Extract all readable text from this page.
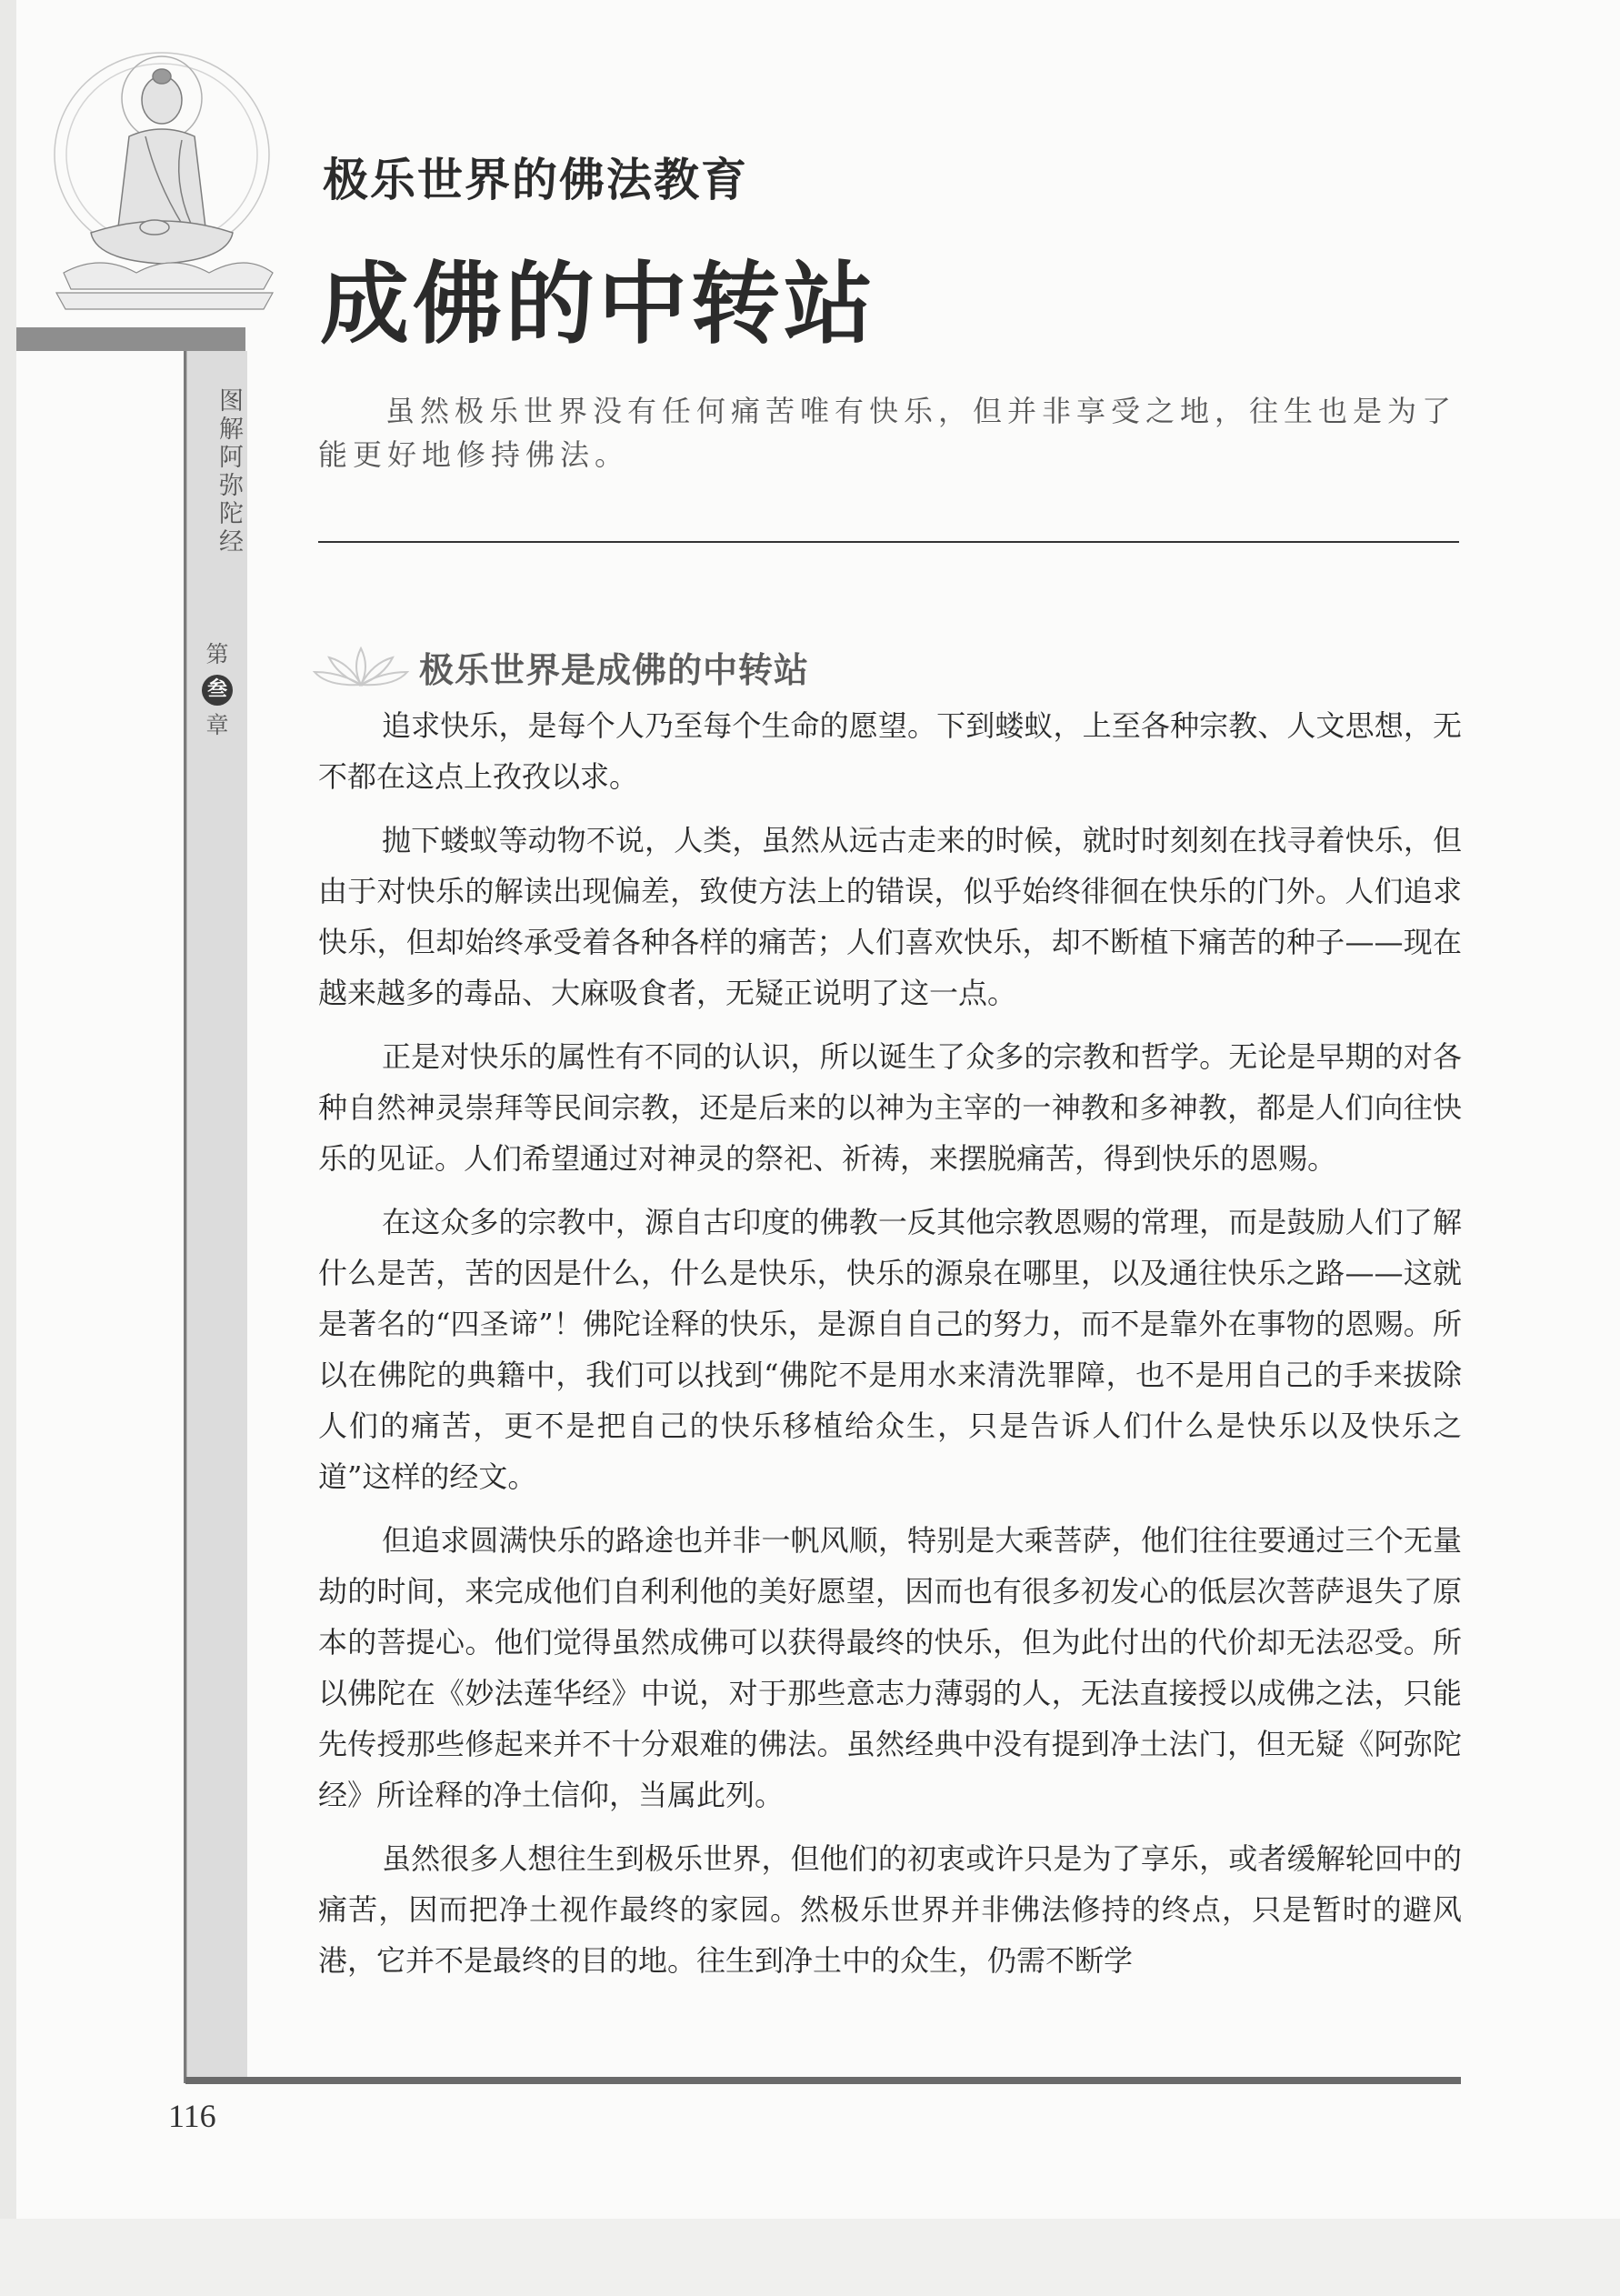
图解阿弥陀经
第
叁
章
极乐世界的佛法教育
成佛的中转站
虽然极乐世界没有任何痛苦唯有快乐，但并非享受之地，往生也是为了能更好地修持佛法。
极乐世界是成佛的中转站

追求快乐，是每个人乃至每个生命的愿望。下到蝼蚁，上至各种宗教、人文思想，无不都在这点上孜孜以求。

抛下蝼蚁等动物不说，人类，虽然从远古走来的时候，就时时刻刻在找寻着快乐，但由于对快乐的解读出现偏差，致使方法上的错误，似乎始终徘徊在快乐的门外。人们追求快乐，但却始终承受着各种各样的痛苦；人们喜欢快乐，却不断植下痛苦的种子——现在越来越多的毒品、大麻吸食者，无疑正说明了这一点。

正是对快乐的属性有不同的认识，所以诞生了众多的宗教和哲学。无论是早期的对各种自然神灵崇拜等民间宗教，还是后来的以神为主宰的一神教和多神教，都是人们向往快乐的见证。人们希望通过对神灵的祭祀、祈祷，来摆脱痛苦，得到快乐的恩赐。

在这众多的宗教中，源自古印度的佛教一反其他宗教恩赐的常理，而是鼓励人们了解什么是苦，苦的因是什么，什么是快乐，快乐的源泉在哪里，以及通往快乐之路——这就是著名的“四圣谛”！佛陀诠释的快乐，是源自自己的努力，而不是靠外在事物的恩赐。所以在佛陀的典籍中，我们可以找到“佛陀不是用水来清洗罪障，也不是用自己的手来拔除人们的痛苦，更不是把自己的快乐移植给众生，只是告诉人们什么是快乐以及快乐之道”这样的经文。

但追求圆满快乐的路途也并非一帆风顺，特别是大乘菩萨，他们往往要通过三个无量劫的时间，来完成他们自利利他的美好愿望，因而也有很多初发心的低层次菩萨退失了原本的菩提心。他们觉得虽然成佛可以获得最终的快乐，但为此付出的代价却无法忍受。所以佛陀在《妙法莲华经》中说，对于那些意志力薄弱的人，无法直接授以成佛之法，只能先传授那些修起来并不十分艰难的佛法。虽然经典中没有提到净土法门，但无疑《阿弥陀经》所诠释的净土信仰，当属此列。

虽然很多人想往生到极乐世界，但他们的初衷或许只是为了享乐，或者缓解轮回中的痛苦，因而把净土视作最终的家园。然极乐世界并非佛法修持的终点，只是暂时的避风港，它并不是最终的目的地。往生到净土中的众生，仍需不断学

116
